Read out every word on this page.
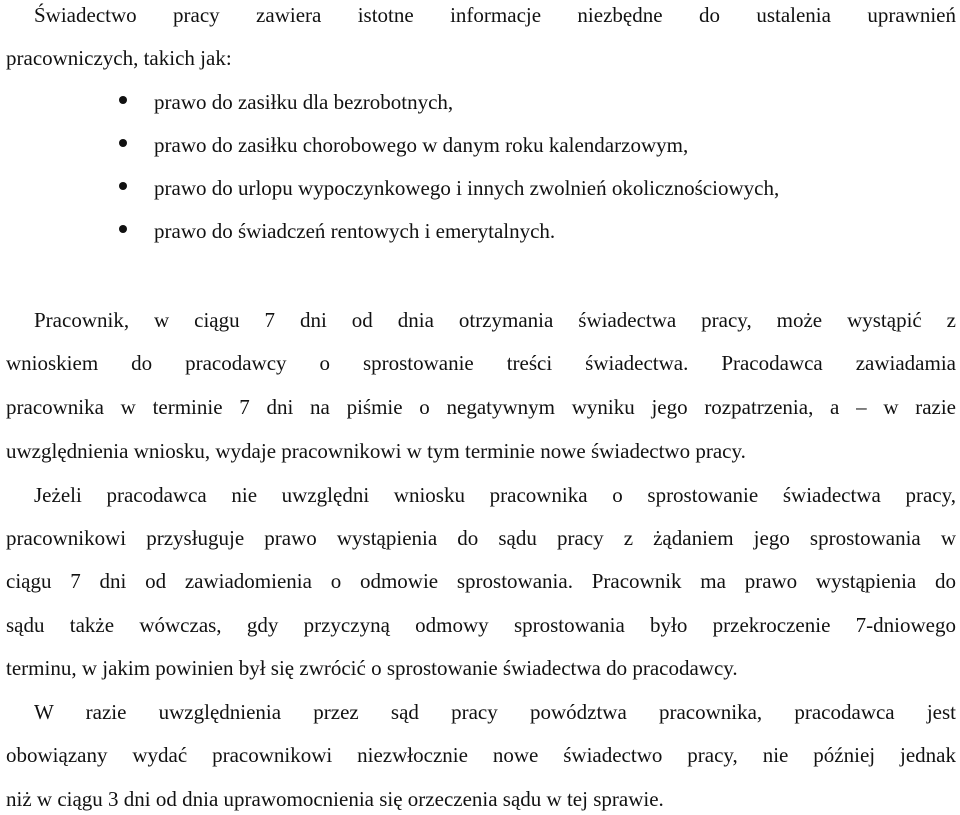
Świadectwo pracy zawiera istotne informacje niezbędne do ustalenia uprawnień
pracowniczych, takich jak:
prawo do zasiłku dla bezrobotnych,
prawo do zasiłku chorobowego w danym roku kalendarzowym,
prawo do urlopu wypoczynkowego i innych zwolnień okolicznościowych,
prawo do świadczeń rentowych i emerytalnych.
Pracownik, w ciągu 7 dni od dnia otrzymania świadectwa pracy, może wystąpić z
wnioskiem do pracodawcy o sprostowanie treści świadectwa. Pracodawca zawiadamia
pracownika w terminie 7 dni na piśmie o negatywnym wyniku jego rozpatrzenia, a – w razie
uwzględnienia wniosku, wydaje pracownikowi w tym terminie nowe świadectwo pracy.
Jeżeli pracodawca nie uwzględni wniosku pracownika o sprostowanie świadectwa pracy,
pracownikowi przysługuje prawo wystąpienia do sądu pracy z żądaniem jego sprostowania w
ciągu 7 dni od zawiadomienia o odmowie sprostowania. Pracownik ma prawo wystąpienia do
sądu także wówczas, gdy przyczyną odmowy sprostowania było przekroczenie 7-dniowego
terminu, w jakim powinien był się zwrócić o sprostowanie świadectwa do pracodawcy.
W razie uwzględnienia przez sąd pracy powództwa pracownika, pracodawca jest
obowiązany wydać pracownikowi niezwłocznie nowe świadectwo pracy, nie później jednak
niż w ciągu 3 dni od dnia uprawomocnienia się orzeczenia sądu w tej sprawie.
